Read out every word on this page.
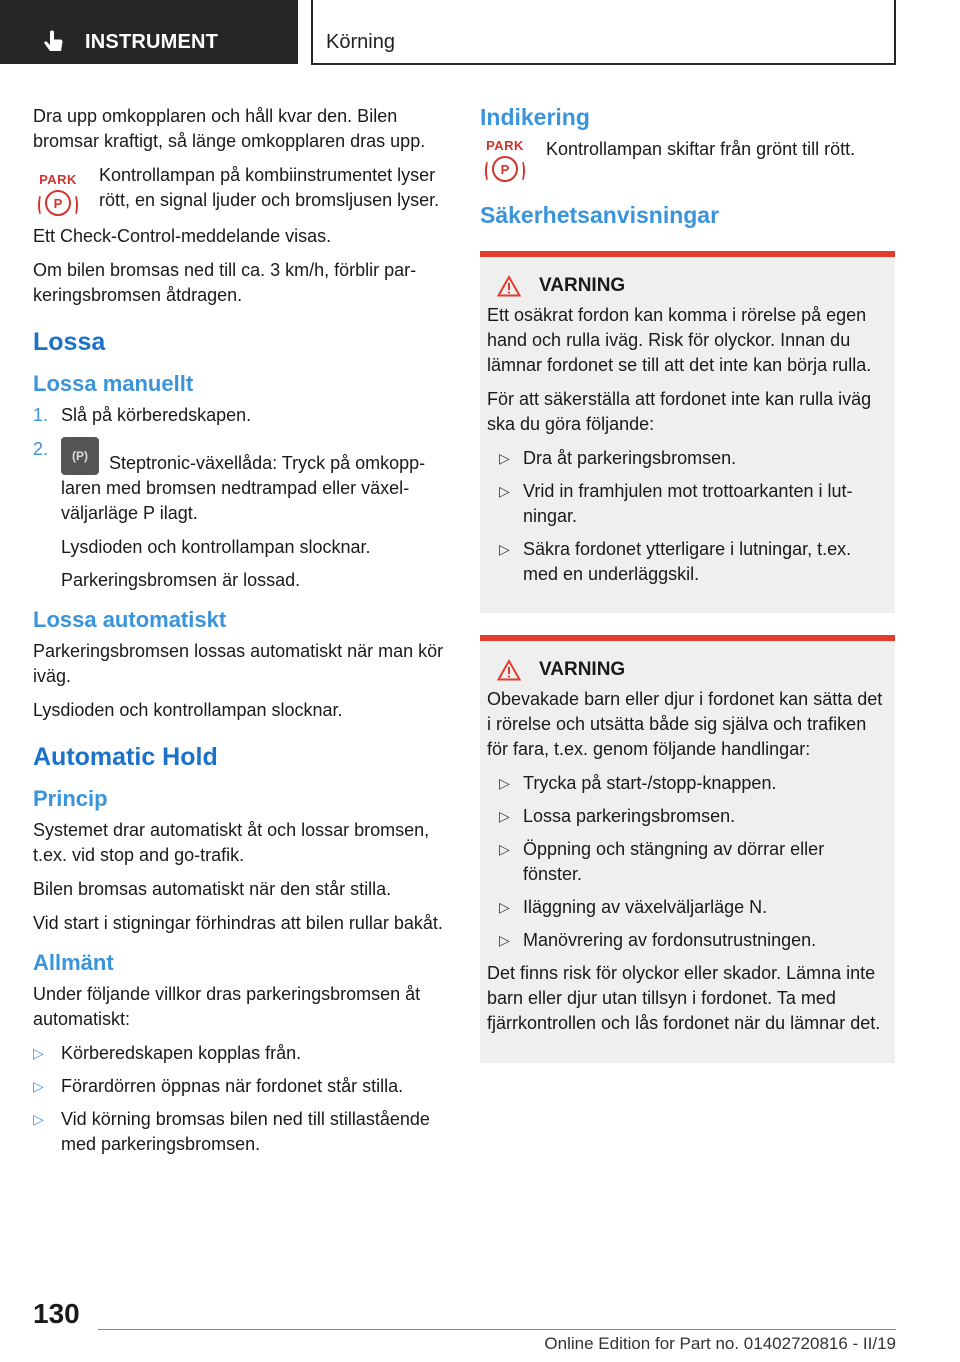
INSTRUMENT	Körning

Dra upp omkopplaren och håll kvar den. Bilen bromsar kraftigt, så länge omkopplaren dras upp.

PARK
P

Kontrollampan på kombiinstrumentet lyser rött, en signal ljuder och bromsljusen lyser.

Ett Check-Control-meddelande visas.

Om bilen bromsas ned till ca. 3 km/h, förblir parkeringsbromsen åtdragen.

Lossa
Lossa manuellt
1. Slå på körberedskapen.
2.
(P)Steptronic-växellåda: Tryck på omkopplaren med bromsen nedtrampad eller växelväljarläge P ilagt.

Lysdioden och kontrollampan slocknar.

Parkeringsbromsen är lossad.

Lossa automatiskt

Parkeringsbromsen lossas automatiskt när man kör iväg.

Lysdioden och kontrollampan slocknar.

Automatic Hold
Princip

Systemet drar automatiskt åt och lossar bromsen, t.ex. vid stop and go-trafik.

Bilen bromsas automatiskt när den står stilla.

Vid start i stigningar förhindras att bilen rullar bakåt.

Allmänt

Under följande villkor dras parkeringsbromsen åt automatiskt:

▷ Körberedskapen kopplas från.
▷ Förardörren öppnas när fordonet står stilla.
▷ Vid körning bromsas bilen ned till stillastående med parkeringsbromsen.
Indikering
PARK
P

Kontrollampan skiftar från grönt till rött.

Säkerhetsanvisningar
VARNING

Ett osäkrat fordon kan komma i rörelse på egen hand och rulla iväg. Risk för olyckor. Innan du lämnar fordonet se till att det inte kan börja rulla.

För att säkerställa att fordonet inte kan rulla iväg ska du göra följande:

▷ Dra åt parkeringsbromsen.
▷ Vrid in framhjulen mot trottoarkanten i lutningar.
▷ Säkra fordonet ytterligare i lutningar, t.ex. med en underläggskil.
VARNING

Obevakade barn eller djur i fordonet kan sätta det i rörelse och utsätta både sig själva och trafiken för fara, t.ex. genom följande handlingar:

▷ Trycka på start-/stopp-knappen.
▷ Lossa parkeringsbromsen.
▷ Öppning och stängning av dörrar eller fönster.
▷ Iläggning av växelväljarläge N.
▷ Manövrering av fordonsutrustningen.

Det finns risk för olyckor eller skador. Lämna inte barn eller djur utan tillsyn i fordonet. Ta med fjärrkontrollen och lås fordonet när du lämnar det.

130
Online Edition for Part no. 01402720816 - II/19
